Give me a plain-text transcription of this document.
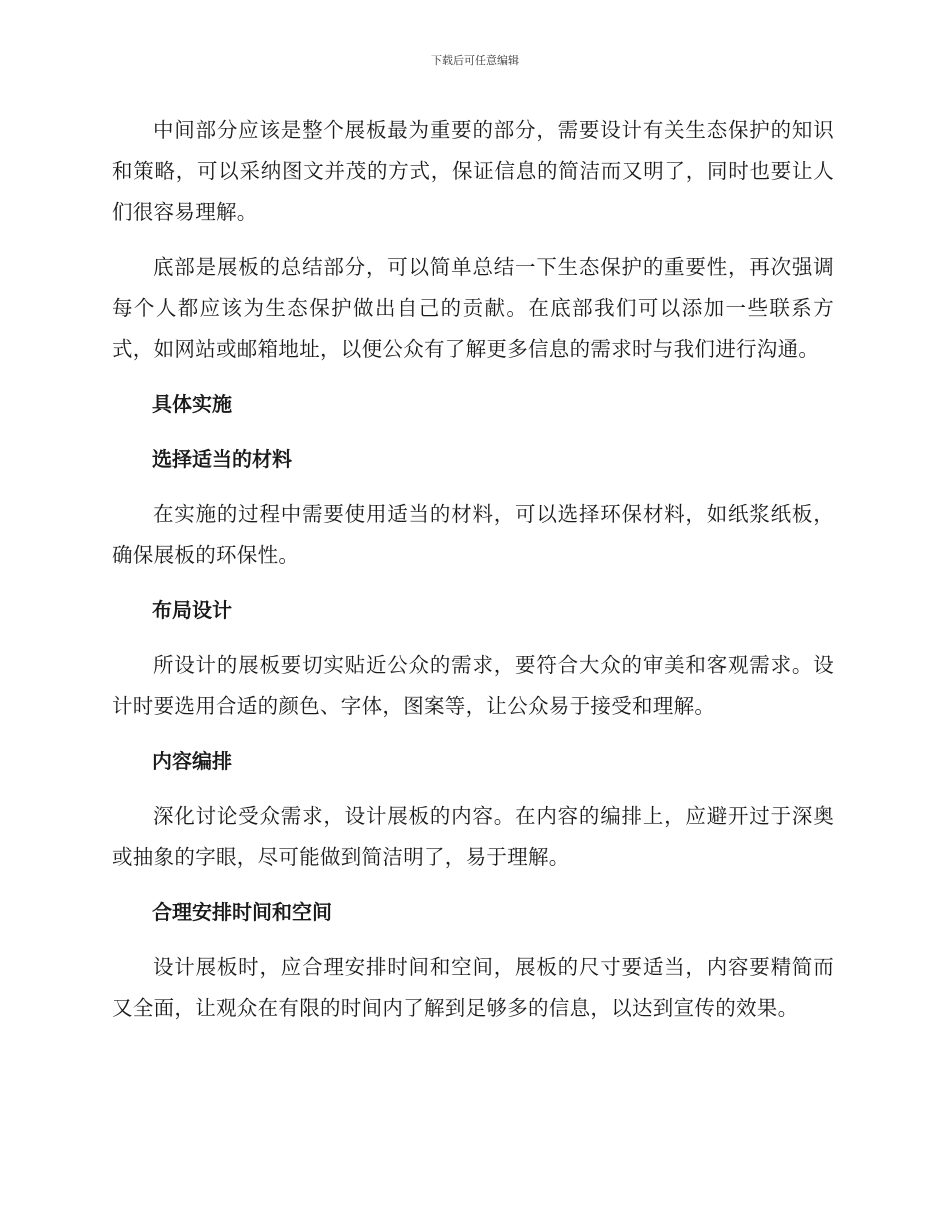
下载后可任意编辑

中间部分应该是整个展板最为重要的部分，需要设计有关生态保护的知识和策略，可以采纳图文并茂的方式，保证信息的简洁而又明了，同时也要让人们很容易理解。

底部是展板的总结部分，可以简单总结一下生态保护的重要性，再次强调每个人都应该为生态保护做出自己的贡献。在底部我们可以添加一些联系方式，如网站或邮箱地址，以便公众有了解更多信息的需求时与我们进行沟通。

具体实施

选择适当的材料

在实施的过程中需要使用适当的材料，可以选择环保材料，如纸浆纸板，确保展板的环保性。

布局设计

所设计的展板要切实贴近公众的需求，要符合大众的审美和客观需求。设计时要选用合适的颜色、字体，图案等，让公众易于接受和理解。

内容编排

深化讨论受众需求，设计展板的内容。在内容的编排上，应避开过于深奥或抽象的字眼，尽可能做到简洁明了，易于理解。

合理安排时间和空间

设计展板时，应合理安排时间和空间，展板的尺寸要适当，内容要精简而又全面，让观众在有限的时间内了解到足够多的信息，以达到宣传的效果。
